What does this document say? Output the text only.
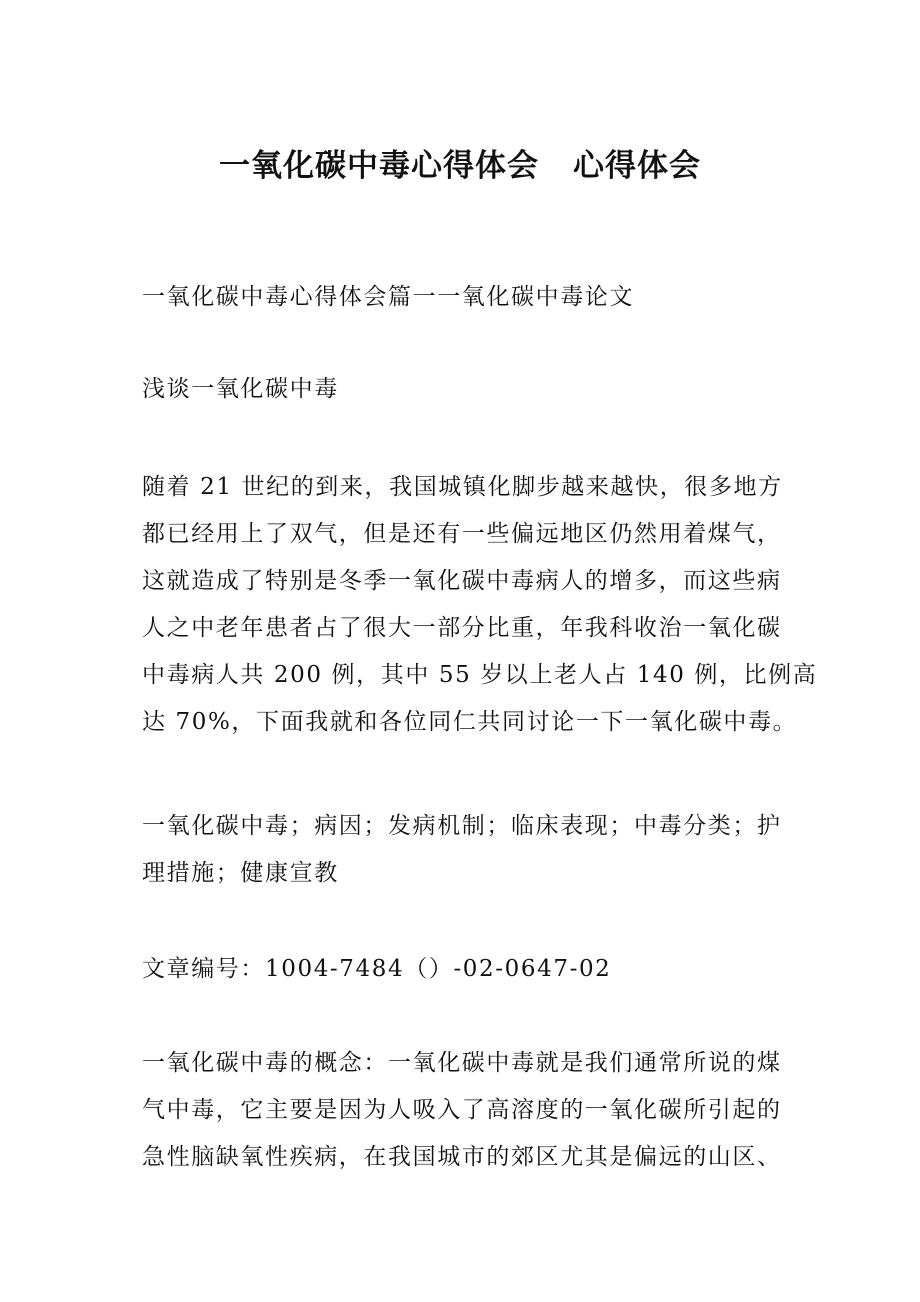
一氧化碳中毒心得体会 心得体会
一氧化碳中毒心得体会篇一一氧化碳中毒论文
浅谈一氧化碳中毒
随着 21 世纪的到来，我国城镇化脚步越来越快，很多地方
都已经用上了双气，但是还有一些偏远地区仍然用着煤气，
这就造成了特别是冬季一氧化碳中毒病人的增多，而这些病
人之中老年患者占了很大一部分比重，年我科收治一氧化碳
中毒病人共 200 例，其中 55 岁以上老人占 140 例，比例高
达 70%，下面我就和各位同仁共同讨论一下一氧化碳中毒。
一氧化碳中毒；病因；发病机制；临床表现；中毒分类；护
理措施；健康宣教
文章编号：1004-7484（）-02-0647-02
一氧化碳中毒的概念：一氧化碳中毒就是我们通常所说的煤
气中毒，它主要是因为人吸入了高溶度的一氧化碳所引起的
急性脑缺氧性疾病，在我国城市的郊区尤其是偏远的山区、
